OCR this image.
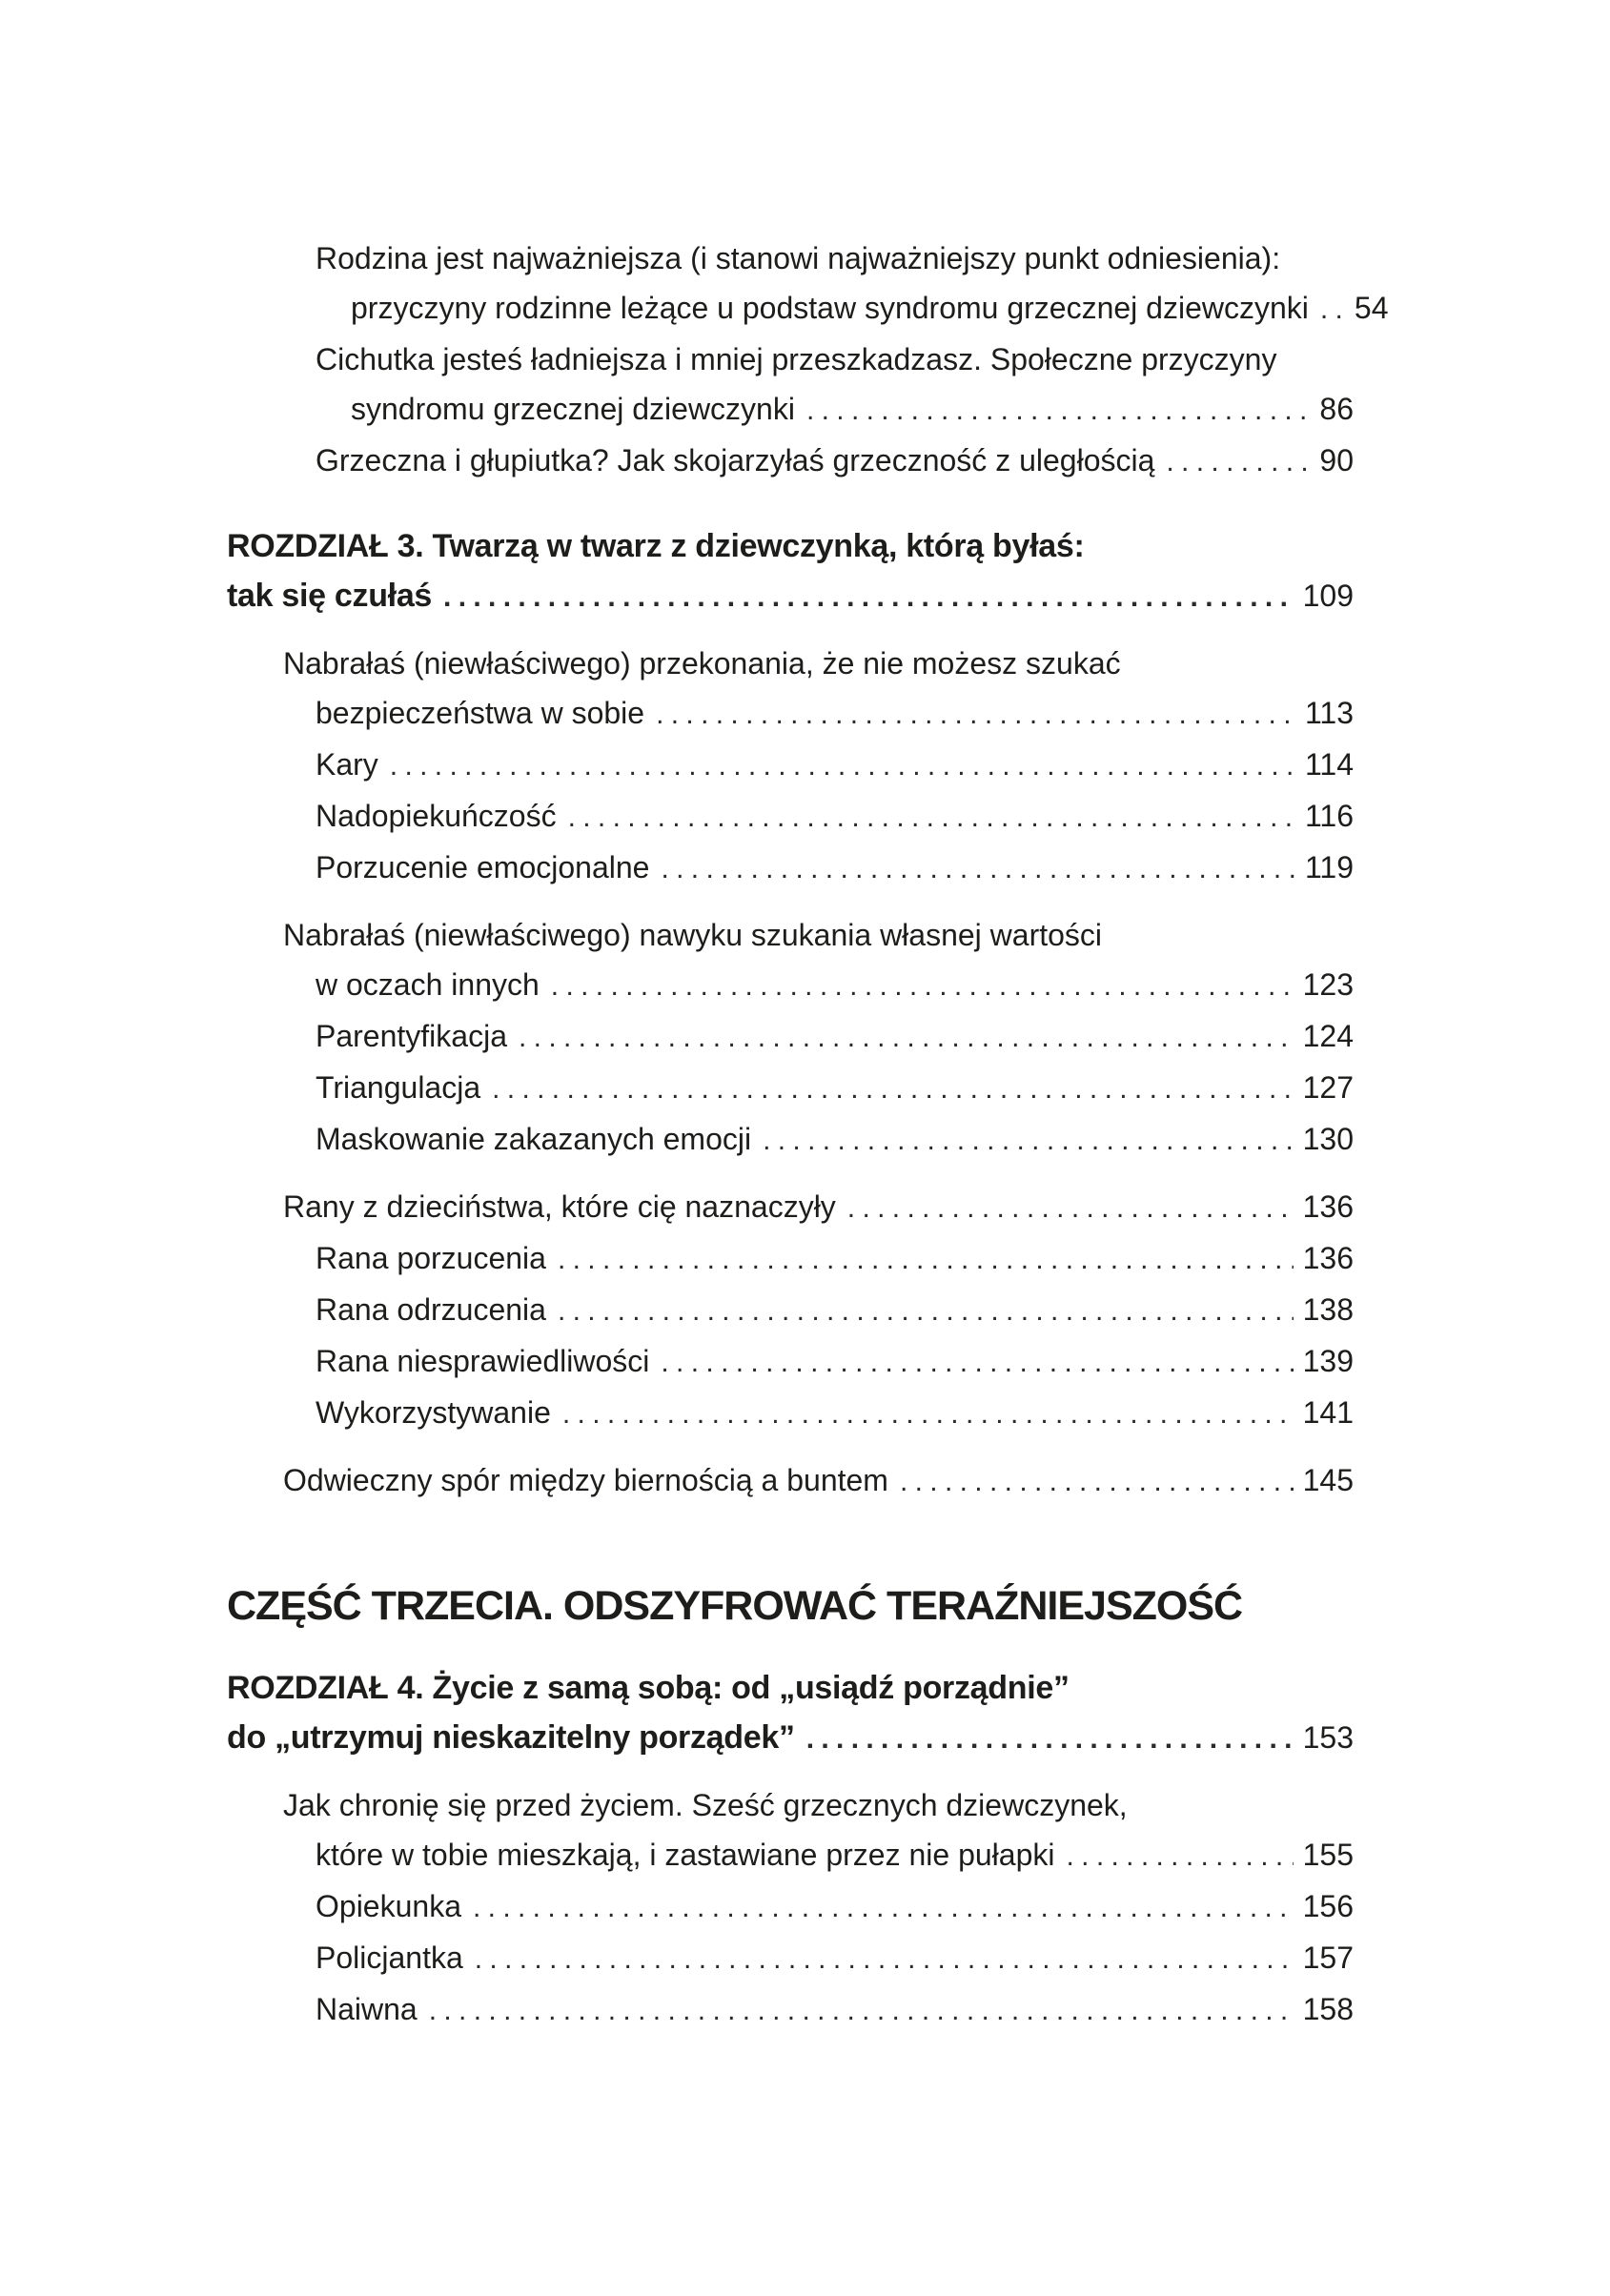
Rodzina jest najważniejsza (i stanowi najważniejszy punkt odniesienia):
przyczyny rodzinne leżące u podstaw syndromu grzecznej dziewczynki . . . 54
Cichutka jesteś ładniejsza i mniej przeszkadzasz. Społeczne przyczyny
syndromu grzecznej dziewczynki . . .	86
Grzeczna i głupiutka? Jak skojarzyłaś grzeczność z uległością . . .	90
ROZDZIAŁ 3. Twarzą w twarz z dziewczynką, którą byłaś:
tak się czułaś . . .	109
Nabrałaś (niewłaściwego) przekonania, że nie możesz szukać
bezpieczeństwa w sobie . . .	113
Kary . . .	114
Nadopiekuńczość . . .	116
Porzucenie emocjonalne . . .	119
Nabrałaś (niewłaściwego) nawyku szukania własnej wartości
w oczach innych . . .	123
Parentyfikacja . . .	124
Triangulacja . . .	127
Maskowanie zakazanych emocji . . .	130
Rany z dzieciństwa, które cię naznaczyły . . .	136
Rana porzucenia . . .	136
Rana odrzucenia . . .	138
Rana niesprawiedliwości . . .	139
Wykorzystywanie . . .	141
Odwieczny spór między biernością a buntem . . .	145
CZĘŚĆ TRZECIA. ODSZYFROWAĆ TERAŹNIEJSZOŚĆ
ROZDZIAŁ 4. Życie z samą sobą: od „usiądź porządnie”
do „utrzymuj nieskazitelny porządek” . . .	153
Jak chronię się przed życiem. Sześć grzecznych dziewczynek,
które w tobie mieszkają, i zastawiane przez nie pułapki . . .	155
Opiekunka . . .	156
Policjantka . . .	157
Naiwna . . .	158
